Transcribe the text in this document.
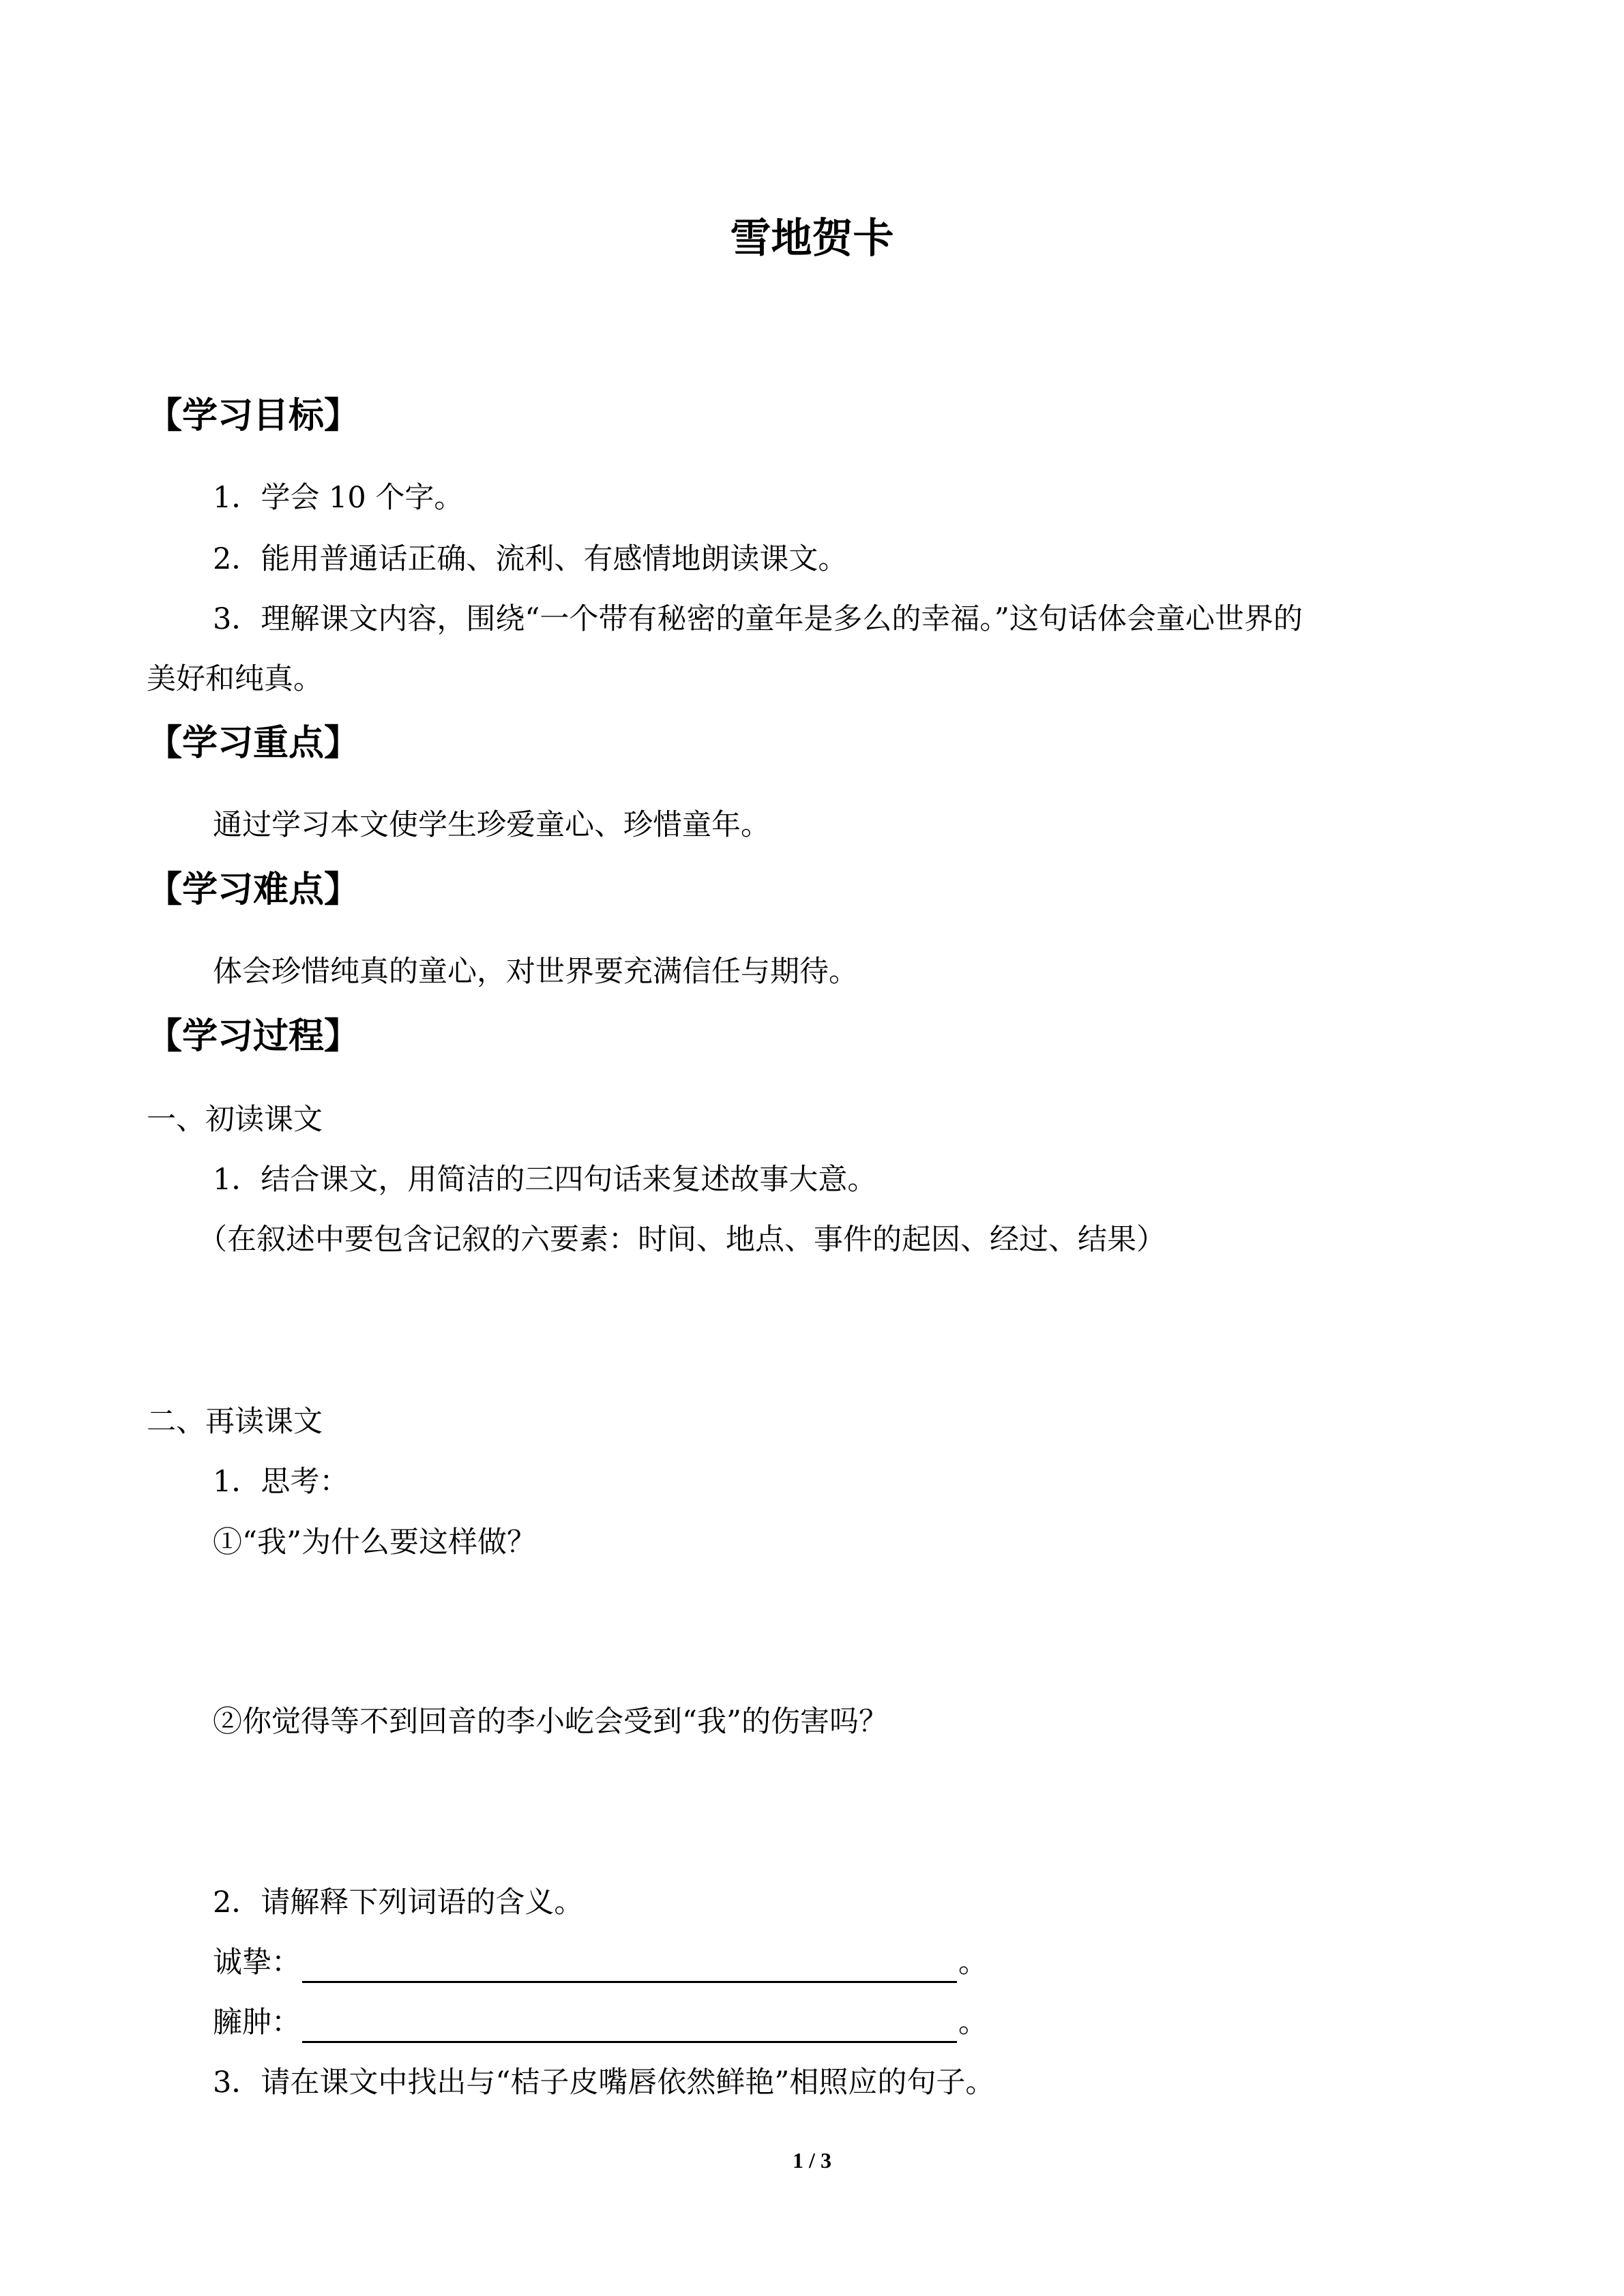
雪地贺卡
【学习目标】
1．学会 10 个字。
2．能用普通话正确、流利、有感情地朗读课文。
3．理解课文内容，围绕“一个带有秘密的童年是多么的幸福。”这句话体会童心世界的
美好和纯真。
【学习重点】
通过学习本文使学生珍爱童心、珍惜童年。
【学习难点】
体会珍惜纯真的童心，对世界要充满信任与期待。
【学习过程】
一、初读课文
1．结合课文，用简洁的三四句话来复述故事大意。
（在叙述中要包含记叙的六要素：时间、地点、事件的起因、经过、结果）
二、再读课文
1．思考：
①“我”为什么要这样做？
②你觉得等不到回音的李小屹会受到“我”的伤害吗？
2．请解释下列词语的含义。
诚挚：	。
臃肿：	。
3．请在课文中找出与“桔子皮嘴唇依然鲜艳”相照应的句子。
1 / 3
